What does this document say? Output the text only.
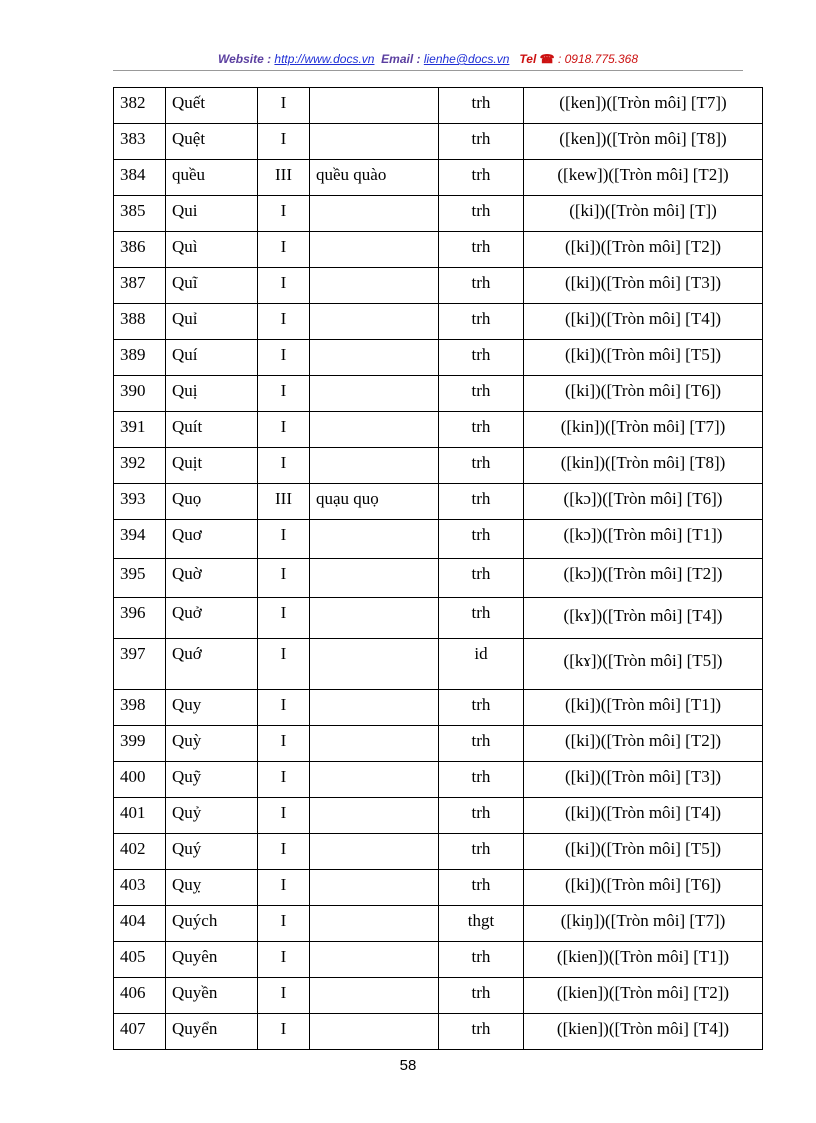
Website : http://www.docs.vn Email : lienhe@docs.vn Tel ☎ : 0918.775.368
382	Quết	I		trh	([ken])([Tròn môi] [T7])
383	Quệt	I		trh	([ken])([Tròn môi] [T8])
384	quều	III	quều quào	trh	([kew])([Tròn môi] [T2])
385	Qui	I		trh	([ki])([Tròn môi] [T])
386	Quì	I		trh	([ki])([Tròn môi] [T2])
387	Quĩ	I		trh	([ki])([Tròn môi] [T3])
388	Quỉ	I		trh	([ki])([Tròn môi] [T4])
389	Quí	I		trh	([ki])([Tròn môi] [T5])
390	Quị	I		trh	([ki])([Tròn môi] [T6])
391	Quít	I		trh	([kin])([Tròn môi] [T7])
392	Quịt	I		trh	([kin])([Tròn môi] [T8])
393	Quọ	III	quạu quọ	trh	([kɔ])([Tròn môi] [T6])
394	Quơ	I		trh	([kɔ])([Tròn môi] [T1])
395	Quờ	I		trh	([kɔ])([Tròn môi] [T2])
396	Quở	I		trh	([kɤ])([Tròn môi] [T4])
397	Quớ	I		id	([kɤ])([Tròn môi] [T5])
398	Quy	I		trh	([ki])([Tròn môi] [T1])
399	Quỳ	I		trh	([ki])([Tròn môi] [T2])
400	Quỹ	I		trh	([ki])([Tròn môi] [T3])
401	Quỷ	I		trh	([ki])([Tròn môi] [T4])
402	Quý	I		trh	([ki])([Tròn môi] [T5])
403	Quỵ	I		trh	([ki])([Tròn môi] [T6])
404	Quých	I		thgt	([kiŋ])([Tròn môi] [T7])
405	Quyên	I		trh	([kien])([Tròn môi] [T1])
406	Quyền	I		trh	([kien])([Tròn môi] [T2])
407	Quyển	I		trh	([kien])([Tròn môi] [T4])
58
